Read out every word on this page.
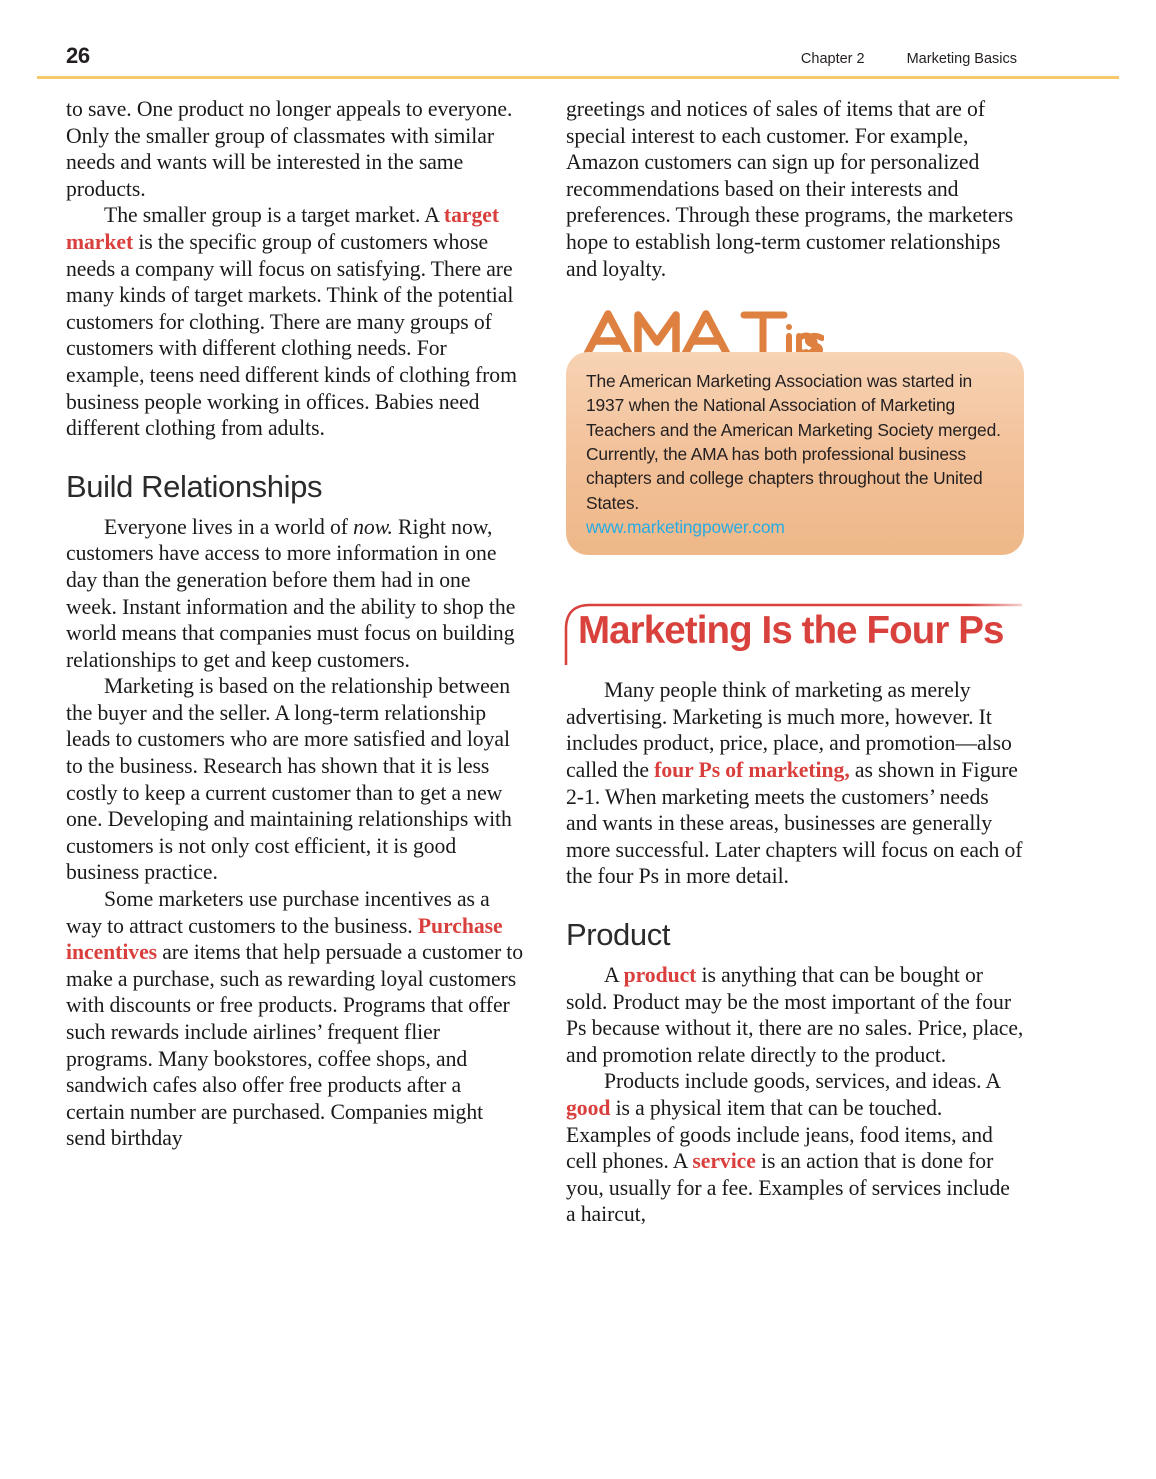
26	Chapter 2	Marketing Basics

to save. One product no longer appeals to everyone. Only the smaller group of classmates with similar needs and wants will be interested in the same products.

The smaller group is a target market. A target market is the specific group of customers whose needs a company will focus on satisfying. There are many kinds of target markets. Think of the potential customers for clothing. There are many groups of customers with different clothing needs. For example, teens need different kinds of clothing from business people working in offices. Babies need different clothing from adults.

Build Relationships

Everyone lives in a world of now. Right now, customers have access to more information in one day than the generation before them had in one week. Instant information and the ability to shop the world means that companies must focus on building relationships to get and keep customers.

Marketing is based on the relationship between the buyer and the seller. A long-term relationship leads to customers who are more satisfied and loyal to the business. Research has shown that it is less costly to keep a current customer than to get a new one. Developing and maintaining relationships with customers is not only cost efficient, it is good business practice.

Some marketers use purchase incentives as a way to attract customers to the business. Purchase incentives are items that help persuade a customer to make a purchase, such as rewarding loyal customers with discounts or free products. Programs that offer such rewards include airlines’ frequent flier programs. Many bookstores, coffee shops, and sandwich cafes also offer free products after a certain number are purchased. Companies might send birthday

greetings and notices of sales of items that are of special interest to each customer. For example, Amazon customers can sign up for personalized recommendations based on their interests and preferences. Through these programs, the marketers hope to establish long-term customer relationships and loyalty.

The American Marketing Association was started in 1937 when the National Association of Marketing Teachers and the American Marketing Society merged. Currently, the AMA has both professional business chapters and college chapters throughout the United States.

www.marketingpower.com
Marketing Is the Four Ps

Many people think of marketing as merely advertising. Marketing is much more, however. It includes product, price, place, and promotion—also called the four Ps of marketing, as shown in Figure 2-1. When marketing meets the customers’ needs and wants in these areas, businesses are generally more successful. Later chapters will focus on each of the four Ps in more detail.

Product

A product is anything that can be bought or sold. Product may be the most important of the four Ps because without it, there are no sales. Price, place, and promotion relate directly to the product.

Products include goods, services, and ideas. A good is a physical item that can be touched. Examples of goods include jeans, food items, and cell phones. A service is an action that is done for you, usually for a fee. Examples of services include a haircut,
